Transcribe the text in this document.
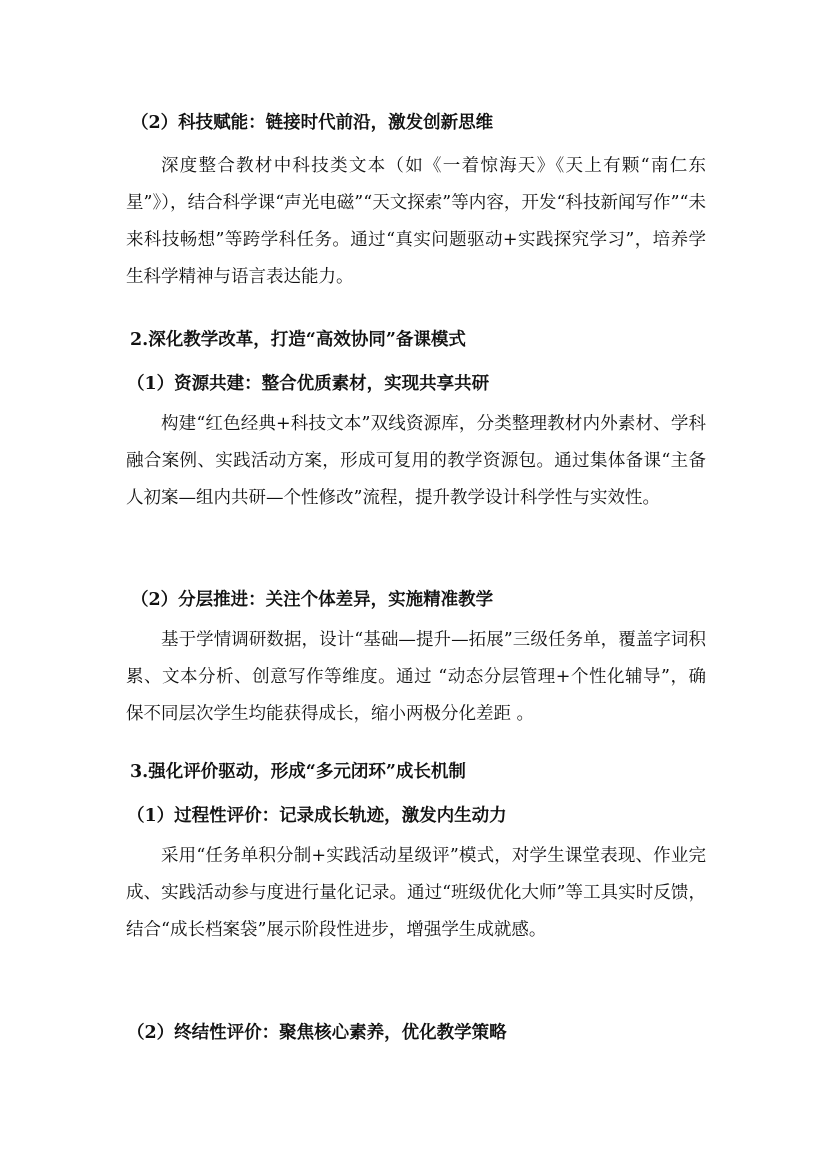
（2）科技赋能：链接时代前沿，激发创新思维
深度整合教材中科技类文本（如《一着惊海天》《天上有颗“南仁东星”》），结合科学课“声光电磁”“天文探索”等内容，开发“科技新闻写作”“未来科技畅想”等跨学科任务。通过“真实问题驱动+实践探究学习”，培养学生科学精神与语言表达能力。
2.深化教学改革，打造“高效协同”备课模式
（1）资源共建：整合优质素材，实现共享共研
构建“红色经典+科技文本”双线资源库，分类整理教材内外素材、学科融合案例、实践活动方案，形成可复用的教学资源包。通过集体备课“主备人初案—组内共研—个性修改”流程，提升教学设计科学性与实效性。
（2）分层推进：关注个体差异，实施精准教学
基于学情调研数据，设计“基础—提升—拓展”三级任务单，覆盖字词积累、文本分析、创意写作等维度。通过 “动态分层管理+个性化辅导”，确保不同层次学生均能获得成长，缩小两极分化差距 。
3.强化评价驱动，形成“多元闭环”成长机制
（1）过程性评价：记录成长轨迹，激发内生动力
采用“任务单积分制+实践活动星级评”模式，对学生课堂表现、作业完成、实践活动参与度进行量化记录。通过“班级优化大师”等工具实时反馈，结合“成长档案袋”展示阶段性进步，增强学生成就感。
（2）终结性评价：聚焦核心素养，优化教学策略
